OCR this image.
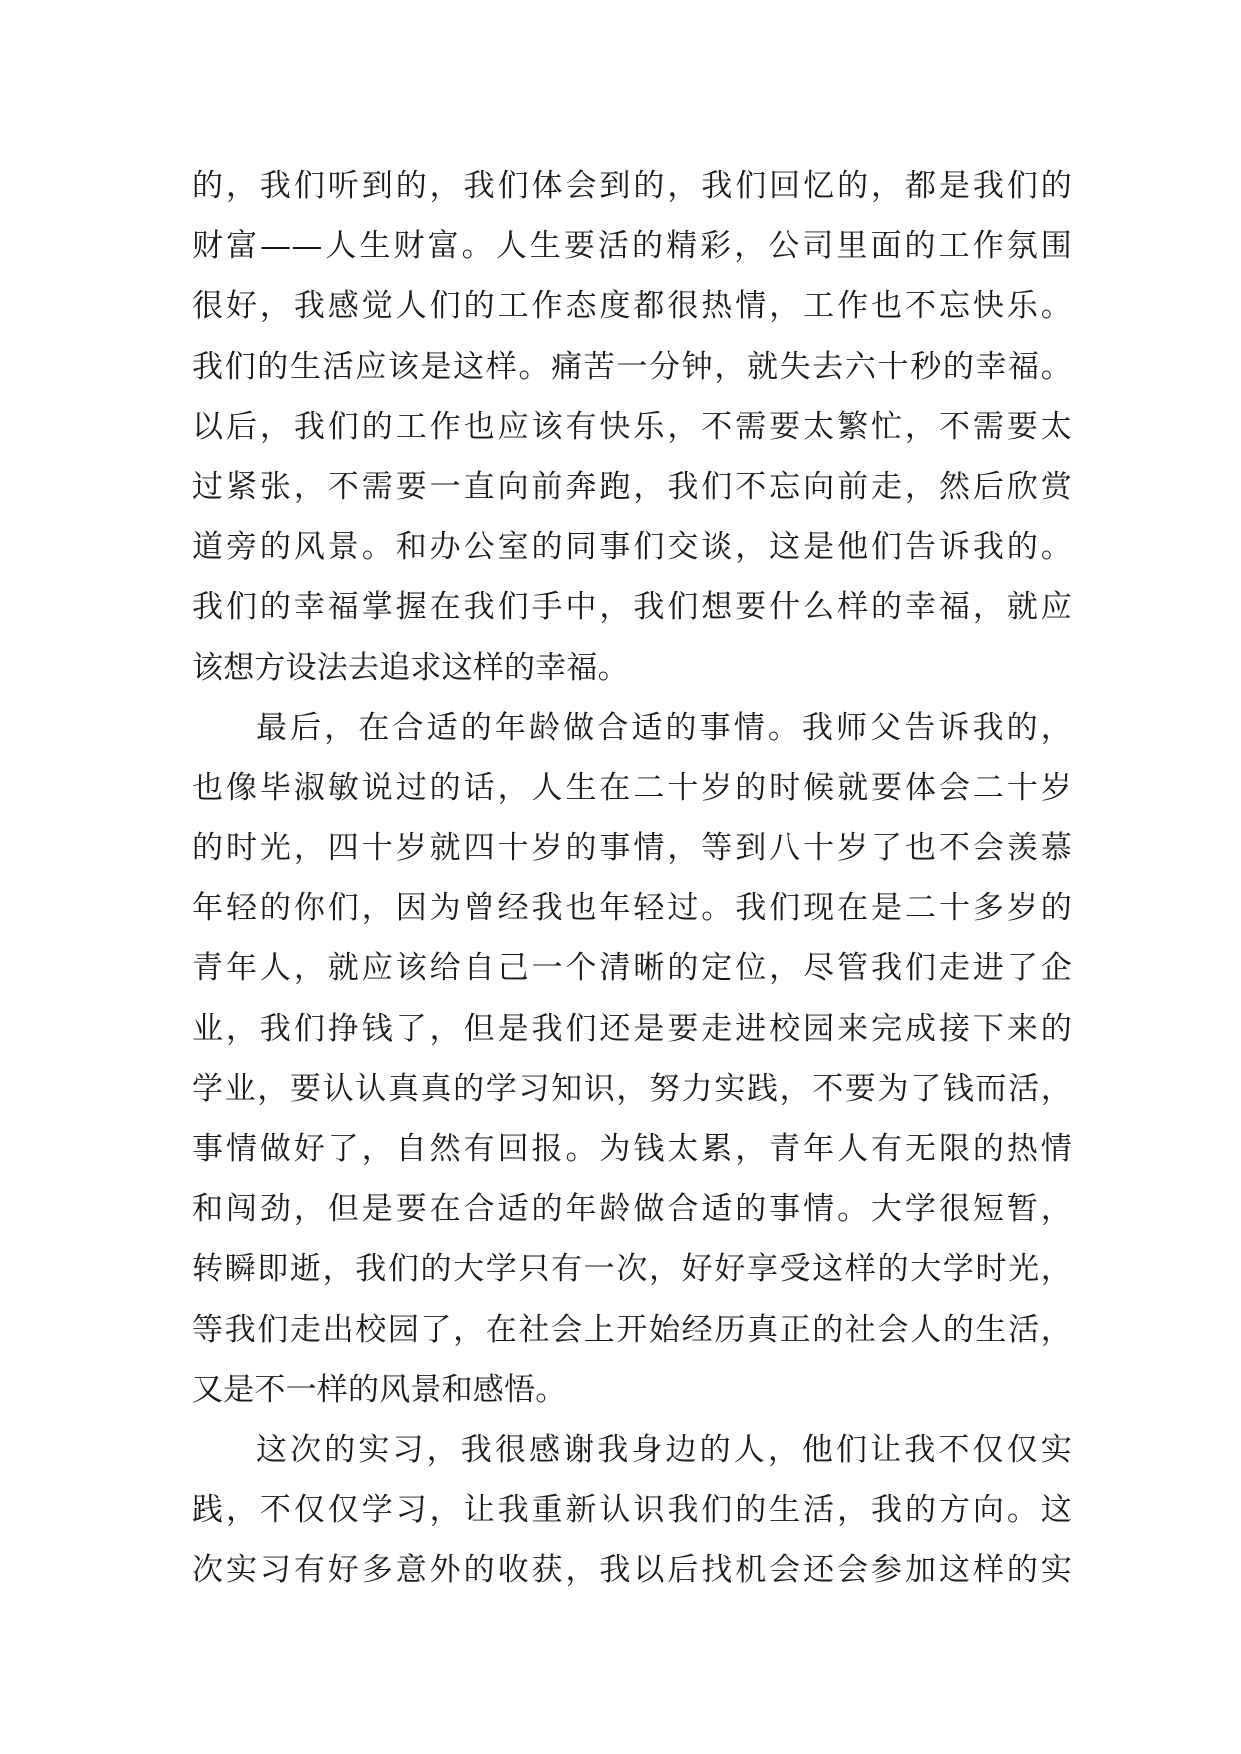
的，我们听到的，我们体会到的，我们回忆的，都是我们的
财富——人生财富。人生要活的精彩，公司里面的工作氛围
很好，我感觉人们的工作态度都很热情，工作也不忘快乐。
我们的生活应该是这样。痛苦一分钟，就失去六十秒的幸福。
以后，我们的工作也应该有快乐，不需要太繁忙，不需要太
过紧张，不需要一直向前奔跑，我们不忘向前走，然后欣赏
道旁的风景。和办公室的同事们交谈，这是他们告诉我的。
我们的幸福掌握在我们手中，我们想要什么样的幸福，就应
该想方设法去追求这样的幸福。
最后，在合适的年龄做合适的事情。我师父告诉我的，
也像毕淑敏说过的话，人生在二十岁的时候就要体会二十岁
的时光，四十岁就四十岁的事情，等到八十岁了也不会羡慕
年轻的你们，因为曾经我也年轻过。我们现在是二十多岁的
青年人，就应该给自己一个清晰的定位，尽管我们走进了企
业，我们挣钱了，但是我们还是要走进校园来完成接下来的
学业，要认认真真的学习知识，努力实践，不要为了钱而活，
事情做好了，自然有回报。为钱太累，青年人有无限的热情
和闯劲，但是要在合适的年龄做合适的事情。大学很短暂，
转瞬即逝，我们的大学只有一次，好好享受这样的大学时光，
等我们走出校园了，在社会上开始经历真正的社会人的生活，
又是不一样的风景和感悟。
这次的实习，我很感谢我身边的人，他们让我不仅仅实
践，不仅仅学习，让我重新认识我们的生活，我的方向。这
次实习有好多意外的收获，我以后找机会还会参加这样的实
